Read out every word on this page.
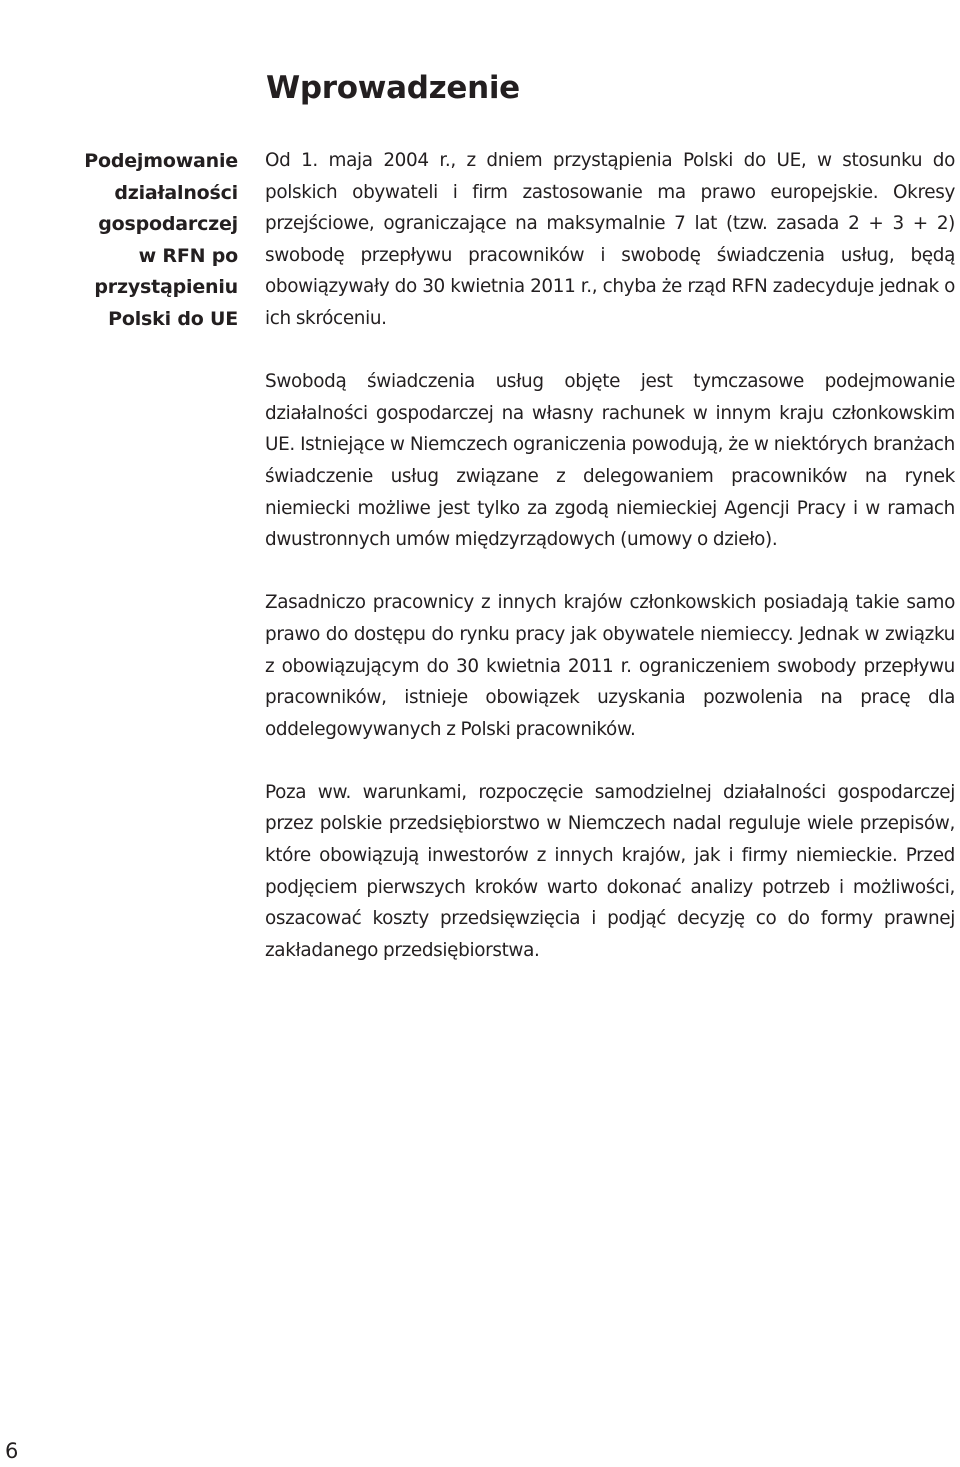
Wprowadzenie
Podejmowanie
działalności
gospodarczej
w RFN po
przystąpieniu
Polski do UE

Od 1. maja 2004 r., z dniem przystąpienia Polski do UE, w stosunku do polskich obywateli i firm zastosowanie ma prawo europejskie. Okresy przejściowe, ograniczające na maksymalnie 7 lat (tzw. zasada 2 + 3 + 2) swobodę przepływu pracowników i swobodę świadczenia usług, będą obowiązywały do 30 kwietnia 2011 r., chyba że rząd RFN zadecyduje jednak o ich skróceniu.

Swobodą świadczenia usług objęte jest tymczasowe podejmowanie działalności gospodarczej na własny rachunek w innym kraju członkowskim UE. Istniejące w Niemczech ograniczenia powodują, że w niektórych branżach świadczenie usług związane z delegowaniem pracowników na rynek niemiecki możliwe jest tylko za zgodą niemieckiej Agencji Pracy i w ramach dwustronnych umów międzyrządowych (umowy o dzieło).

Zasadniczo pracownicy z innych krajów członkowskich posiadają takie samo prawo do dostępu do rynku pracy jak obywatele niemieccy. Jednak w związku z obowiązującym do 30 kwietnia 2011 r. ograniczeniem swobody przepływu pracowników, istnieje obowiązek uzyskania pozwolenia na pracę dla oddelegowywanych z Polski pracowników.

Poza ww. warunkami, rozpoczęcie samodzielnej działalności gospodarczej przez polskie przedsiębiorstwo w Niemczech nadal reguluje wiele przepisów, które obowiązują inwestorów z innych krajów, jak i firmy niemieckie. Przed podjęciem pierwszych kroków warto dokonać analizy potrzeb i możliwości, oszacować koszty przedsięwzięcia i podjąć decyzję co do formy prawnej zakładanego przedsiębiorstwa.

6
